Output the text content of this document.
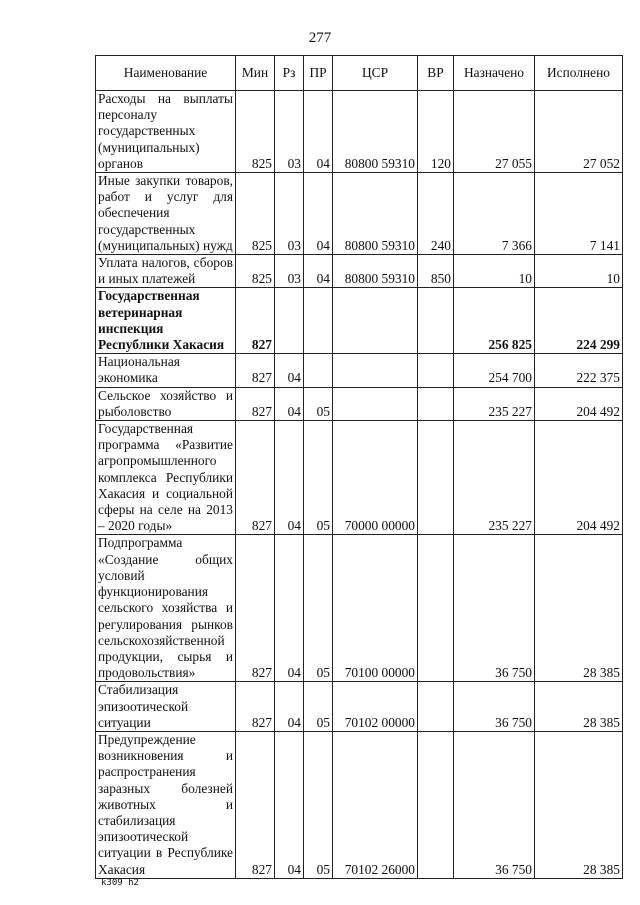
277
Наименование	Мин	Рз	ПР	ЦСР	ВР	Назначено	Исполнено
Расходы на выплаты персоналу государственных (муниципальных) органов	825	03	04	80800 59310	120	27 055	27 052
Иные закупки товаров, работ и услуг для обеспечения государственных (муниципальных) нужд	825	03	04	80800 59310	240	7 366	7 141
Уплата налогов, сборов и иных платежей	825	03	04	80800 59310	850	10	10
Государственная ветеринарная инспекция Республики Хакасия	827					256 825	224 299
Национальная экономика	827	04				254 700	222 375
Сельское хозяйство и рыболовство	827	04	05			235 227	204 492
Государственная программа «Развитие агропромышленного комплекса Республики Хакасия и социальной сферы на селе на 2013 – 2020 годы»	827	04	05	70000 00000		235 227	204 492
Подпрограмма «Создание общих условий функционирования сельского хозяйства и регулирования рынков сельскохозяйственной продукции, сырья и продовольствия»	827	04	05	70100 00000		36 750	28 385
Стабилизация эпизоотической ситуации	827	04	05	70102 00000		36 750	28 385
Предупреждение возникновения и распространения заразных болезней животных и стабилизация эпизоотической ситуации в Республике Хакасия	827	04	05	70102 26000		36 750	28 385
k309 h2
